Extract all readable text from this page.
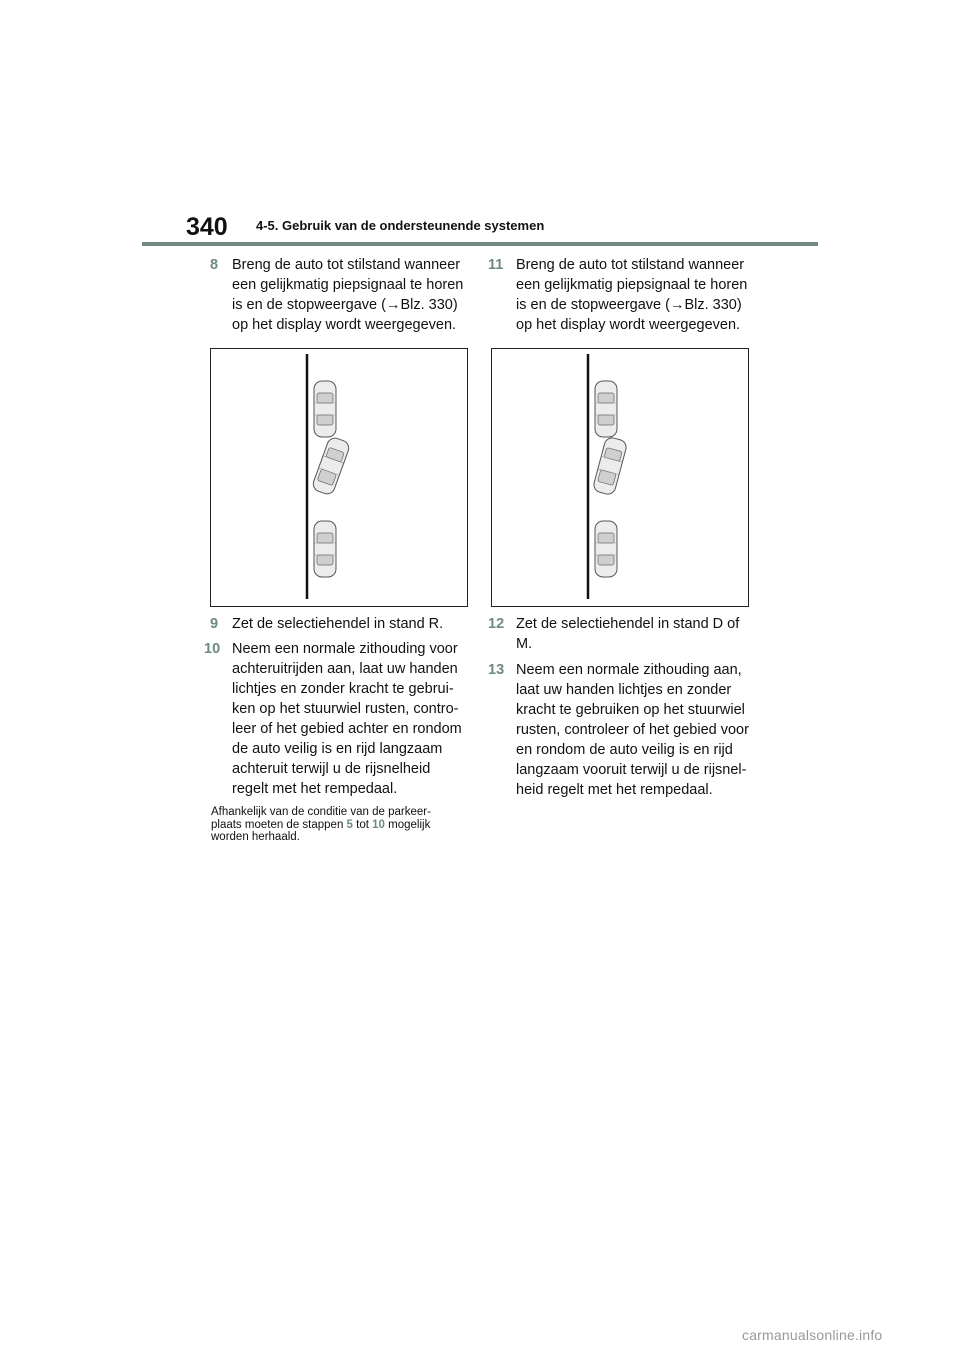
340 4-5. Gebruik van de ondersteunende systemen
8 Breng de auto tot stilstand wanneer
een gelijkmatig piepsignaal te horen
is en de stopweergave (→Blz. 330)
op het display wordt weergegeven.
9 Zet de selectiehendel in stand R.
10 Neem een normale zithouding voor
achteruitrijden aan, laat uw handen
lichtjes en zonder kracht te gebrui-
ken op het stuurwiel rusten, contro-
leer of het gebied achter en rondom
de auto veilig is en rijd langzaam
achteruit terwijl u de rijsnelheid
regelt met het rempedaal.
Afhankelijk van de conditie van de parkeer-
plaats moeten de stappen 5 tot 10 mogelijk
worden herhaald.
11 Breng de auto tot stilstand wanneer
een gelijkmatig piepsignaal te horen
is en de stopweergave (→Blz. 330)
op het display wordt weergegeven.
12 Zet de selectiehendel in stand D of
M.
13 Neem een normale zithouding aan,
laat uw handen lichtjes en zonder
kracht te gebruiken op het stuurwiel
rusten, controleer of het gebied voor
en rondom de auto veilig is en rijd
langzaam vooruit terwijl u de rijsnel-
heid regelt met het rempedaal.
carmanualsonline.info
